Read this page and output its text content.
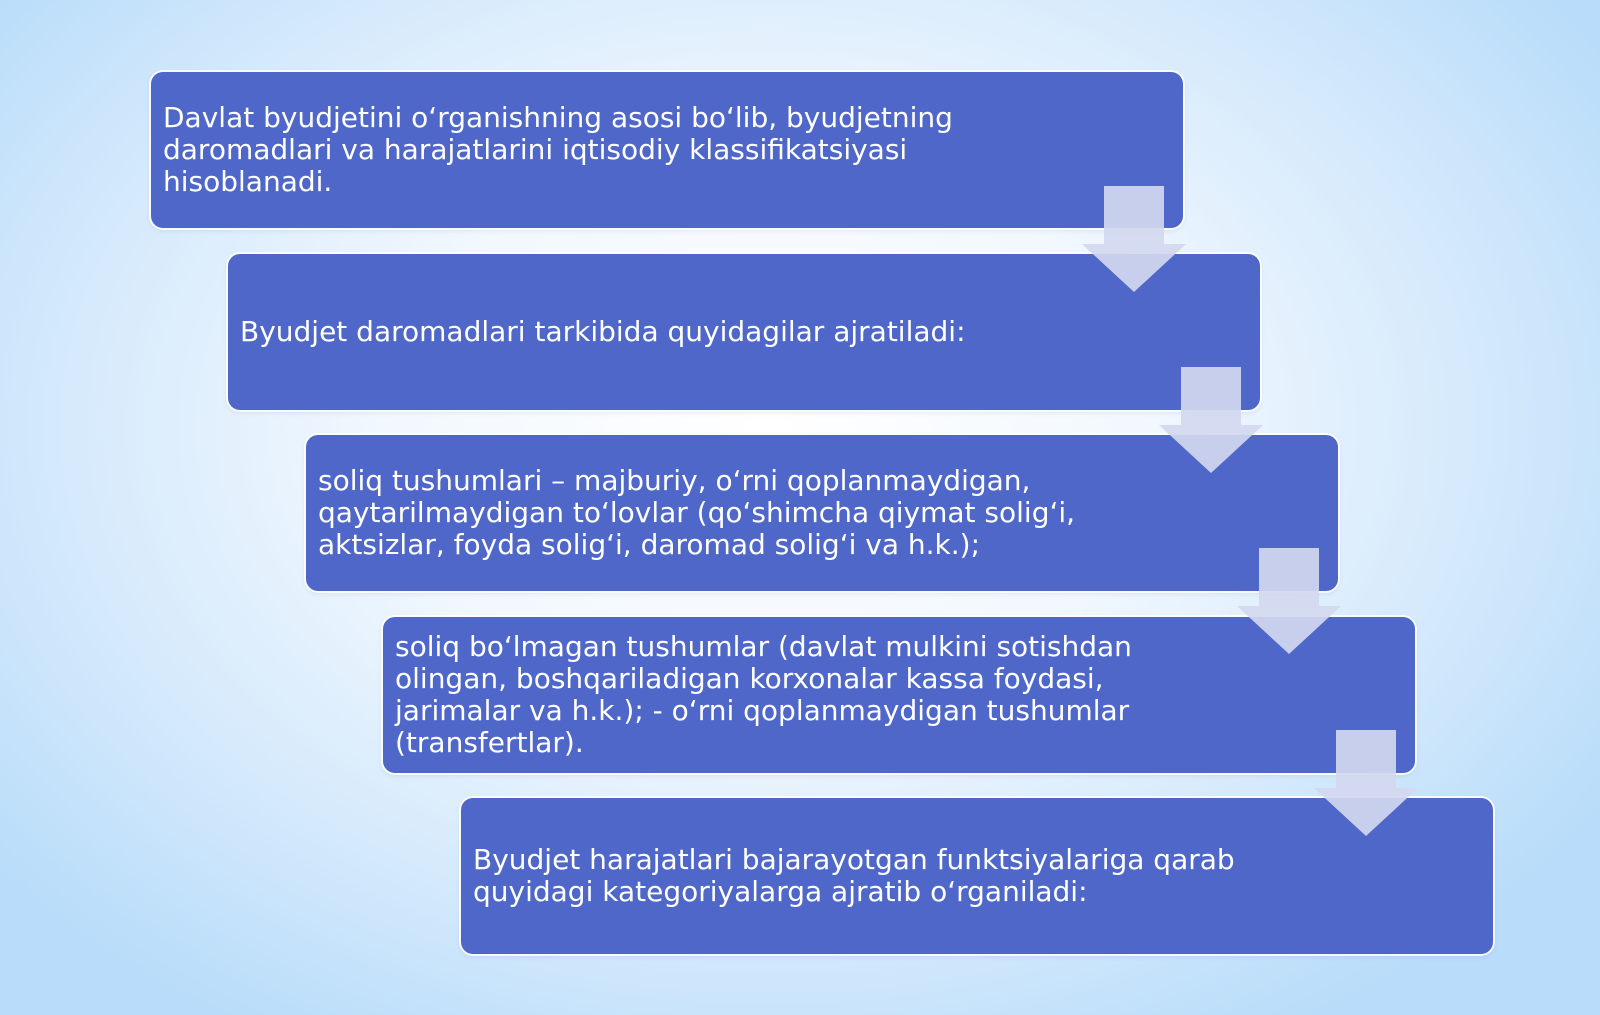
Davlat byudjetini o‘rganishning asosi bo‘lib, byudjetning daromadlari va harajatlarini iqtisodiy klassifikatsiyasi hisoblanadi.
Byudjet daromadlari tarkibida quyidagilar ajratiladi:
soliq tushumlari – majburiy, o‘rni qoplanmaydigan, qaytarilmaydigan to‘lovlar (qo‘shimcha qiymat solig‘i, aktsizlar, foyda solig‘i, daromad solig‘i va h.k.);
soliq bo‘lmagan tushumlar (davlat mulkini sotishdan olingan, boshqariladigan korxonalar kassa foydasi, jarimalar va h.k.); - o‘rni qoplanmaydigan tushumlar (transfertlar).
Byudjet harajatlari bajarayotgan funktsiyalariga qarab quyidagi kategoriyalarga ajratib o‘rganiladi:
